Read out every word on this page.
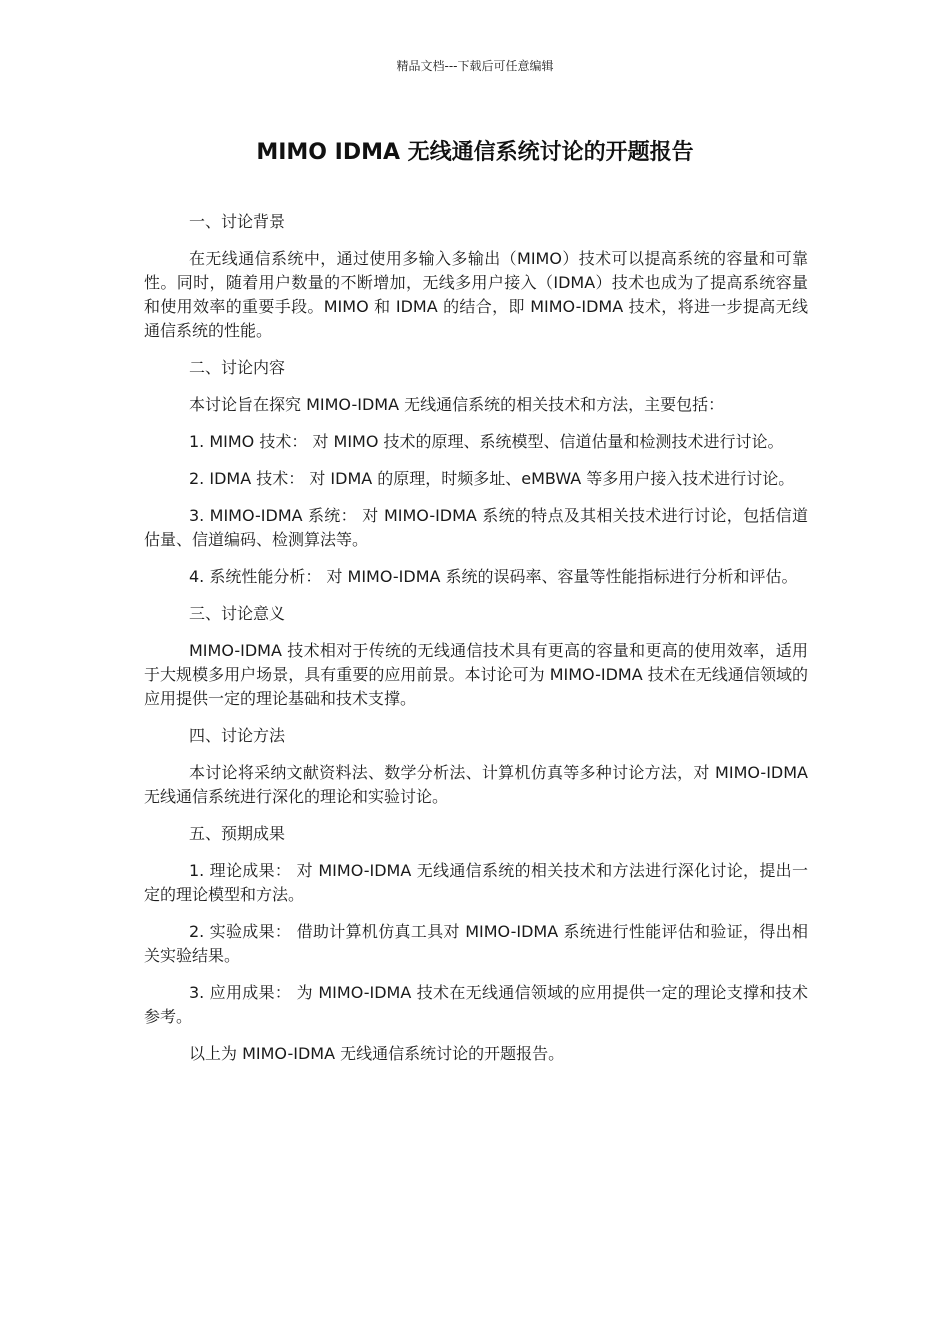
精品文档---下载后可任意编辑
MIMO IDMA 无线通信系统讨论的开题报告

一、讨论背景

在无线通信系统中，通过使用多输入多输出（MIMO）技术可以提高系统的容量和可靠性。同时，随着用户数量的不断增加，无线多用户接入（IDMA）技术也成为了提高系统容量和使用效率的重要手段。MIMO 和 IDMA 的结合，即 MIMO-IDMA 技术，将进一步提高无线通信系统的性能。

二、讨论内容

本讨论旨在探究 MIMO-IDMA 无线通信系统的相关技术和方法，主要包括：

1. MIMO 技术： 对 MIMO 技术的原理、系统模型、信道估量和检测技术进行讨论。

2. IDMA 技术： 对 IDMA 的原理，时频多址、eMBWA 等多用户接入技术进行讨论。

3. MIMO-IDMA 系统： 对 MIMO-IDMA 系统的特点及其相关技术进行讨论，包括信道估量、信道编码、检测算法等。

4. 系统性能分析： 对 MIMO-IDMA 系统的误码率、容量等性能指标进行分析和评估。

三、讨论意义

MIMO-IDMA 技术相对于传统的无线通信技术具有更高的容量和更高的使用效率，适用于大规模多用户场景，具有重要的应用前景。本讨论可为 MIMO-IDMA 技术在无线通信领域的应用提供一定的理论基础和技术支撑。

四、讨论方法

本讨论将采纳文献资料法、数学分析法、计算机仿真等多种讨论方法，对 MIMO-IDMA 无线通信系统进行深化的理论和实验讨论。

五、预期成果

1. 理论成果： 对 MIMO-IDMA 无线通信系统的相关技术和方法进行深化讨论，提出一定的理论模型和方法。

2. 实验成果： 借助计算机仿真工具对 MIMO-IDMA 系统进行性能评估和验证，得出相关实验结果。

3. 应用成果： 为 MIMO-IDMA 技术在无线通信领域的应用提供一定的理论支撑和技术参考。

以上为 MIMO-IDMA 无线通信系统讨论的开题报告。
